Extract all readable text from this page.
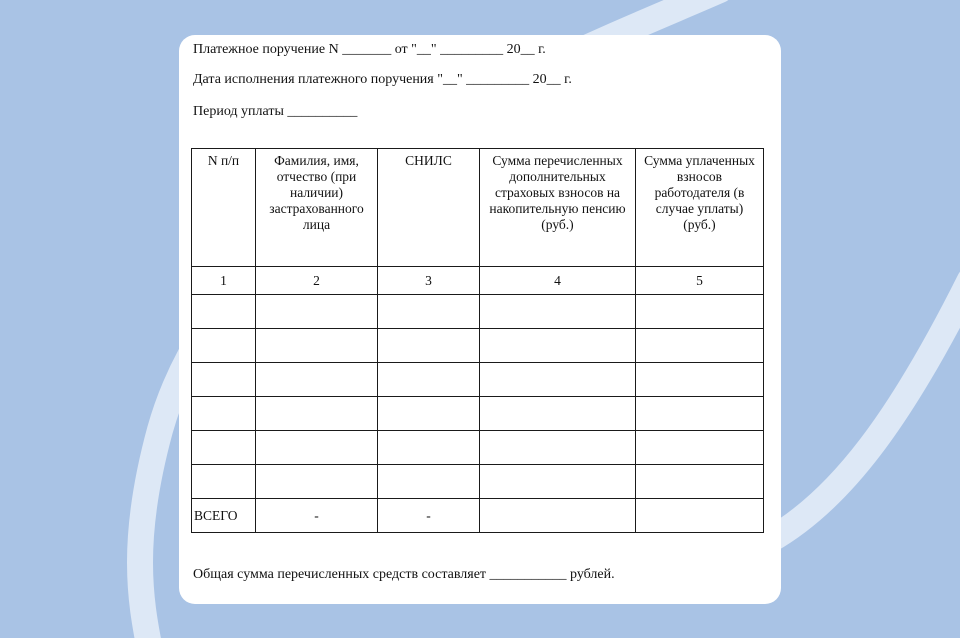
Платежное поручение N _______ от "__" _________ 20__ г.
Дата исполнения платежного поручения "__" _________ 20__ г.
Период уплаты __________
N п/п	Фамилия, имя, отчество (при наличии) застрахованного лица	СНИЛС	Сумма перечисленных дополнительных страховых взносов на накопительную пенсию (руб.)	Сумма уплаченных взносов работодателя (в случае уплаты) (руб.)
1	2	3	4	5

ВСЕГО	-	-		
Общая сумма перечисленных средств составляет ___________ рублей.
